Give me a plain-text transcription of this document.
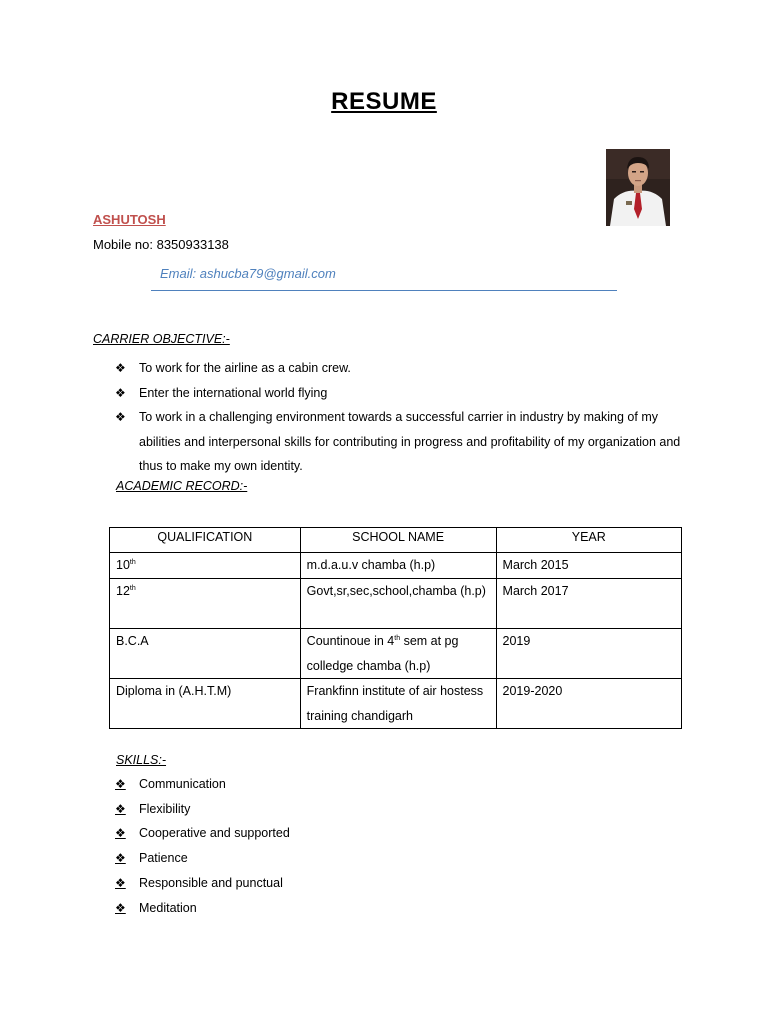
RESUME
ASHUTOSH
Mobile no: 8350933138
Email: ashucba79@gmail.com
CARRIER OBJECTIVE:-
❖ To work for the airline as a cabin crew.
❖ Enter the international world flying
❖ To work in a challenging environment towards a successful carrier in industry by making of my abilities and interpersonal skills for contributing in progress and profitability of my organization and thus to make my own identity.
ACADEMIC RECORD:-
QUALIFICATION	SCHOOL NAME	YEAR
10th	m.d.a.u.v chamba (h.p)	March 2015
12th	Govt,sr,sec,school,chamba (h.p)	March 2017
B.C.A	Countinoue in 4th sem at pg colledge chamba (h.p)	2019
Diploma in (A.H.T.M)	Frankfinn institute of air hostess training chandigarh	2019-2020
SKILLS:-
❖ Communication
❖ Flexibility
❖ Cooperative and supported
❖ Patience
❖ Responsible and punctual
❖ Meditation
